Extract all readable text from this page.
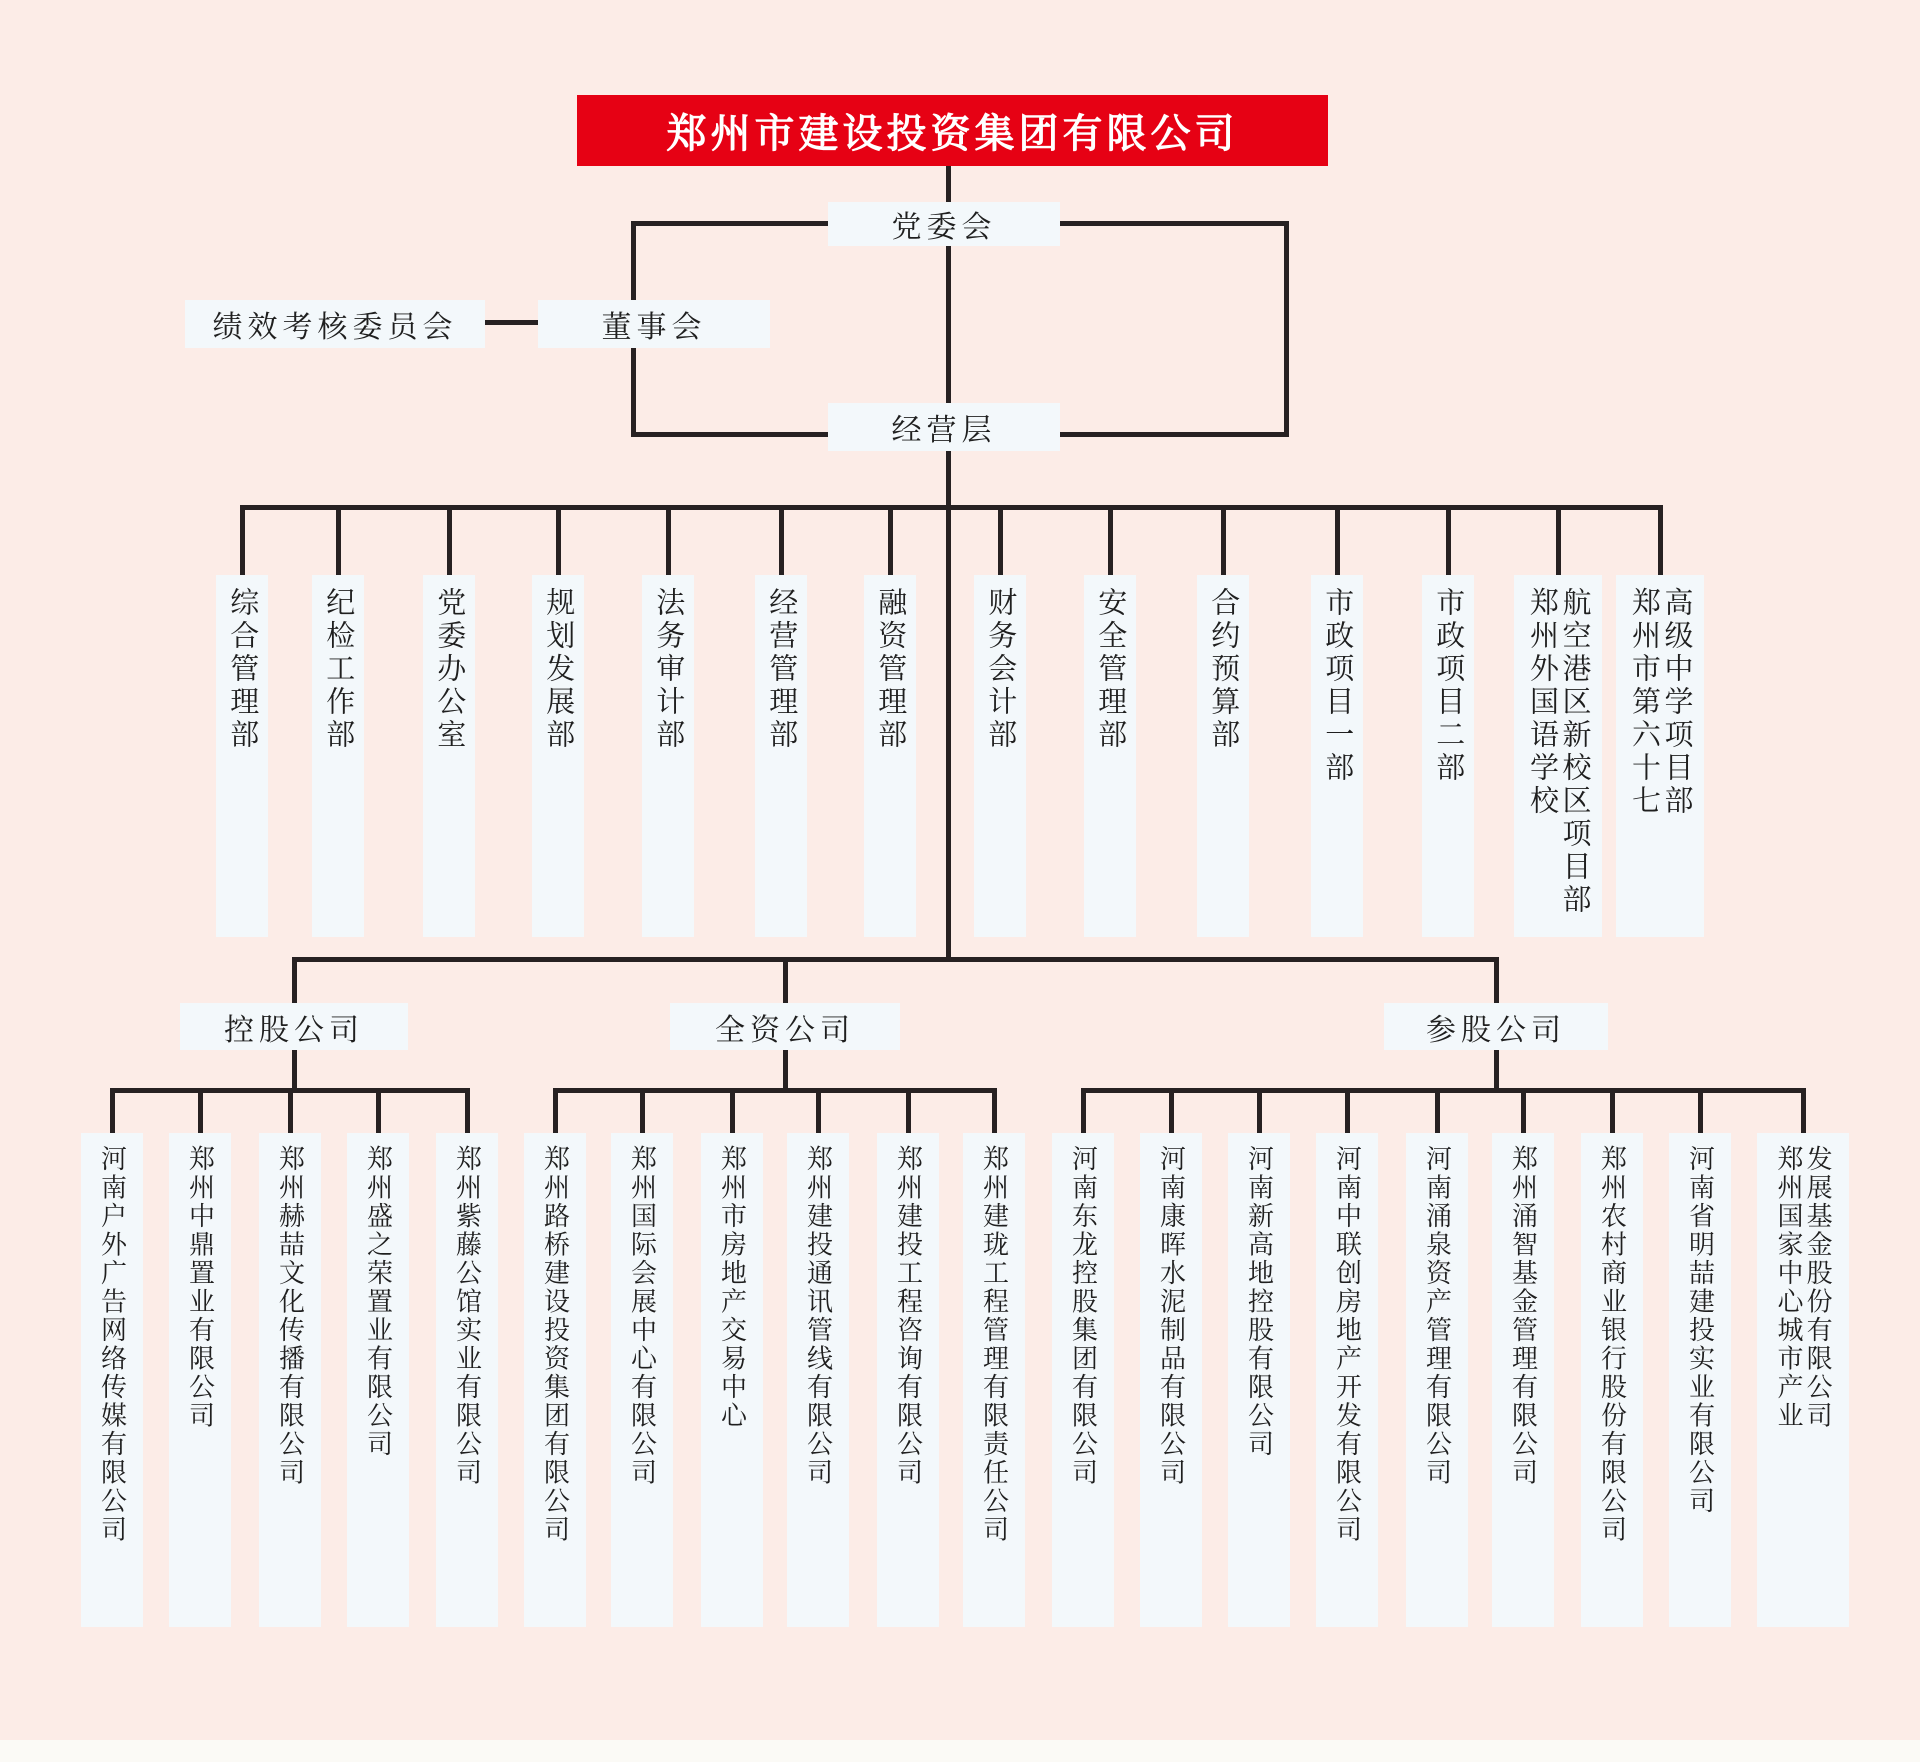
郑州市建设投资集团有限公司
党委会
绩效考核委员会	董事会
经营层
综合管理部 纪检工作部	党委办公室	规划发展部	法务审计部	经营管理部	融资管理部	财务会计部	安全管理部	合约预算部	市政项目一部	市政项目二部 郑州外国语学校 航空港区新校区项目部 郑州市第六十七 高级中学项目部
控股公司	全资公司	参股公司
河南户外广告网络传媒有限公司 郑州中鼎置业有限公司 郑州赫喆文化传播有限公司 郑州盛之荣置业有限公司 郑州紫藤公馆实业有限公司 郑州路桥建设投资集团有限公司 郑州国际会展中心有限公司 郑州市房地产交易中心 郑州建投通讯管线有限公司 郑州建投工程咨询有限公司 郑州建珑工程管理有限责任公司 河南东龙控股集团有限公司 河南康晖水泥制品有限公司 河南新高地控股有限公司 河南中联创房地产开发有限公司 河南涌泉资产管理有限公司 郑州涌智基金管理有限公司 郑州农村商业银行股份有限公司 河南省明喆建投实业有限公司 郑州国家中心城市产业 发展基金股份有限公司
